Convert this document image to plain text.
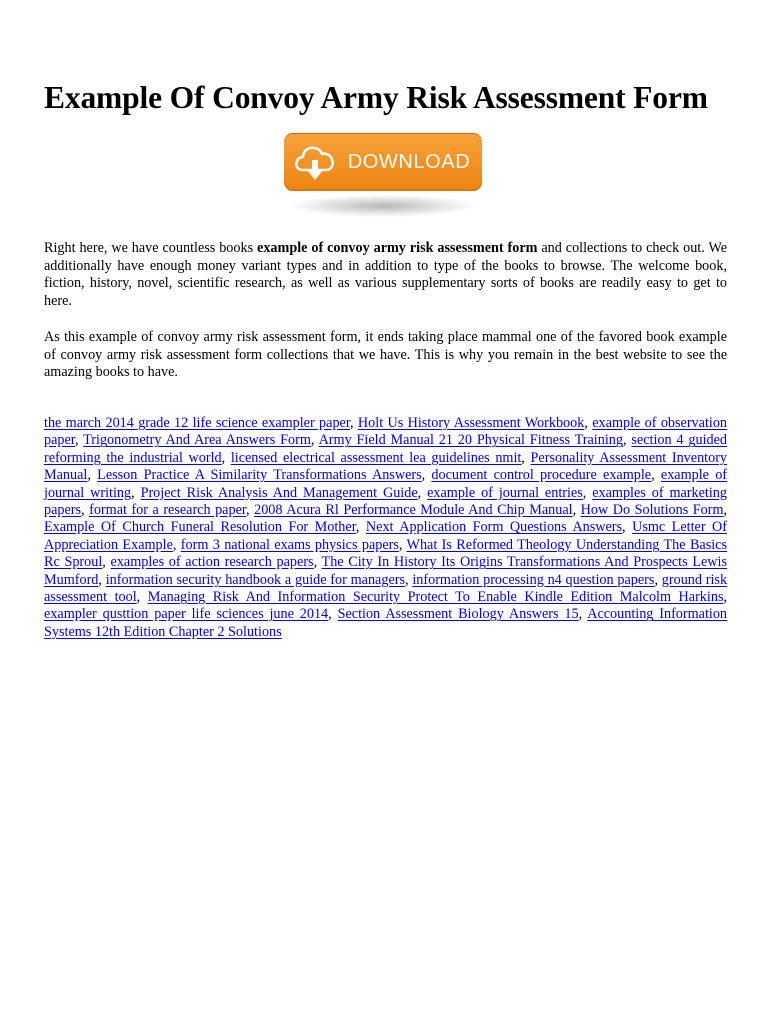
Example Of Convoy Army Risk Assessment Form
DOWNLOAD

Right here, we have countless books example of convoy army risk assessment form and collections to check out. We additionally have enough money variant types and in addition to type of the books to browse. The welcome book, fiction, history, novel, scientific research, as well as various supplementary sorts of books are readily easy to get to here.

As this example of convoy army risk assessment form, it ends taking place mammal one of the favored book example of convoy army risk assessment form collections that we have. This is why you remain in the best website to see the amazing books to have.

the march 2014 grade 12 life science exampler paper, Holt Us History Assessment Workbook, example of observation paper, Trigonometry And Area Answers Form, Army Field Manual 21 20 Physical Fitness Training, section 4 guided reforming the industrial world, licensed electrical assessment lea guidelines nmit, Personality Assessment Inventory Manual, Lesson Practice A Similarity Transformations Answers, document control procedure example, example of journal writing, Project Risk Analysis And Management Guide, example of journal entries, examples of marketing papers, format for a research paper, 2008 Acura Rl Performance Module And Chip Manual, How Do Solutions Form, Example Of Church Funeral Resolution For Mother, Next Application Form Questions Answers, Usmc Letter Of Appreciation Example, form 3 national exams physics papers, What Is Reformed Theology Understanding The Basics Rc Sproul, examples of action research papers, The City In History Its Origins Transformations And Prospects Lewis Mumford, information security handbook a guide for managers, information processing n4 question papers, ground risk assessment tool, Managing Risk And Information Security Protect To Enable Kindle Edition Malcolm Harkins, exampler qusttion paper life sciences june 2014, Section Assessment Biology Answers 15, Accounting Information Systems 12th Edition Chapter 2 Solutions
